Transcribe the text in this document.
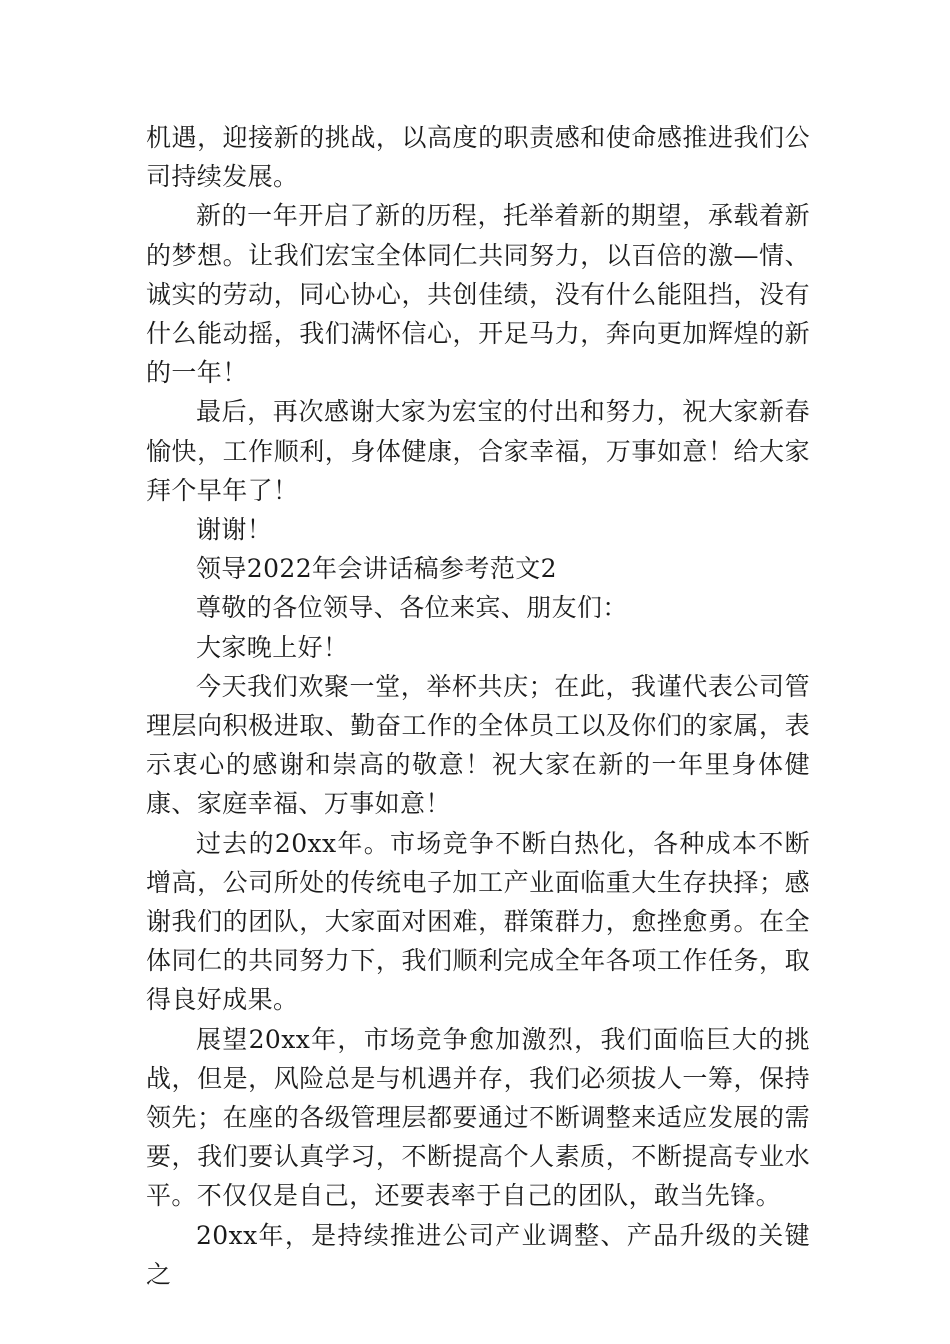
机遇，迎接新的挑战，以高度的职责感和使命感推进我们公司持续发展。

新的一年开启了新的历程，托举着新的期望，承载着新的梦想。让我们宏宝全体同仁共同努力，以百倍的激—情、诚实的劳动，同心协心，共创佳绩，没有什么能阻挡，没有什么能动摇，我们满怀信心，开足马力，奔向更加辉煌的新的一年！

最后，再次感谢大家为宏宝的付出和努力，祝大家新春愉快，工作顺利，身体健康，合家幸福，万事如意！给大家拜个早年了！

谢谢！

领导2022年会讲话稿参考范文2

尊敬的各位领导、各位来宾、朋友们：

大家晚上好！

今天我们欢聚一堂，举杯共庆；在此，我谨代表公司管理层向积极进取、勤奋工作的全体员工以及你们的家属，表示衷心的感谢和崇高的敬意！祝大家在新的一年里身体健康、家庭幸福、万事如意！

过去的20xx年。市场竞争不断白热化，各种成本不断增高，公司所处的传统电子加工产业面临重大生存抉择；感谢我们的团队，大家面对困难，群策群力，愈挫愈勇。在全体同仁的共同努力下，我们顺利完成全年各项工作任务，取得良好成果。

展望20xx年，市场竞争愈加激烈，我们面临巨大的挑战，但是，风险总是与机遇并存，我们必须拔人一筹，保持领先；在座的各级管理层都要通过不断调整来适应发展的需要，我们要认真学习，不断提高个人素质，不断提高专业水平。不仅仅是自己，还要表率于自己的团队，敢当先锋。

20xx年，是持续推进公司产业调整、产品升级的关键之
